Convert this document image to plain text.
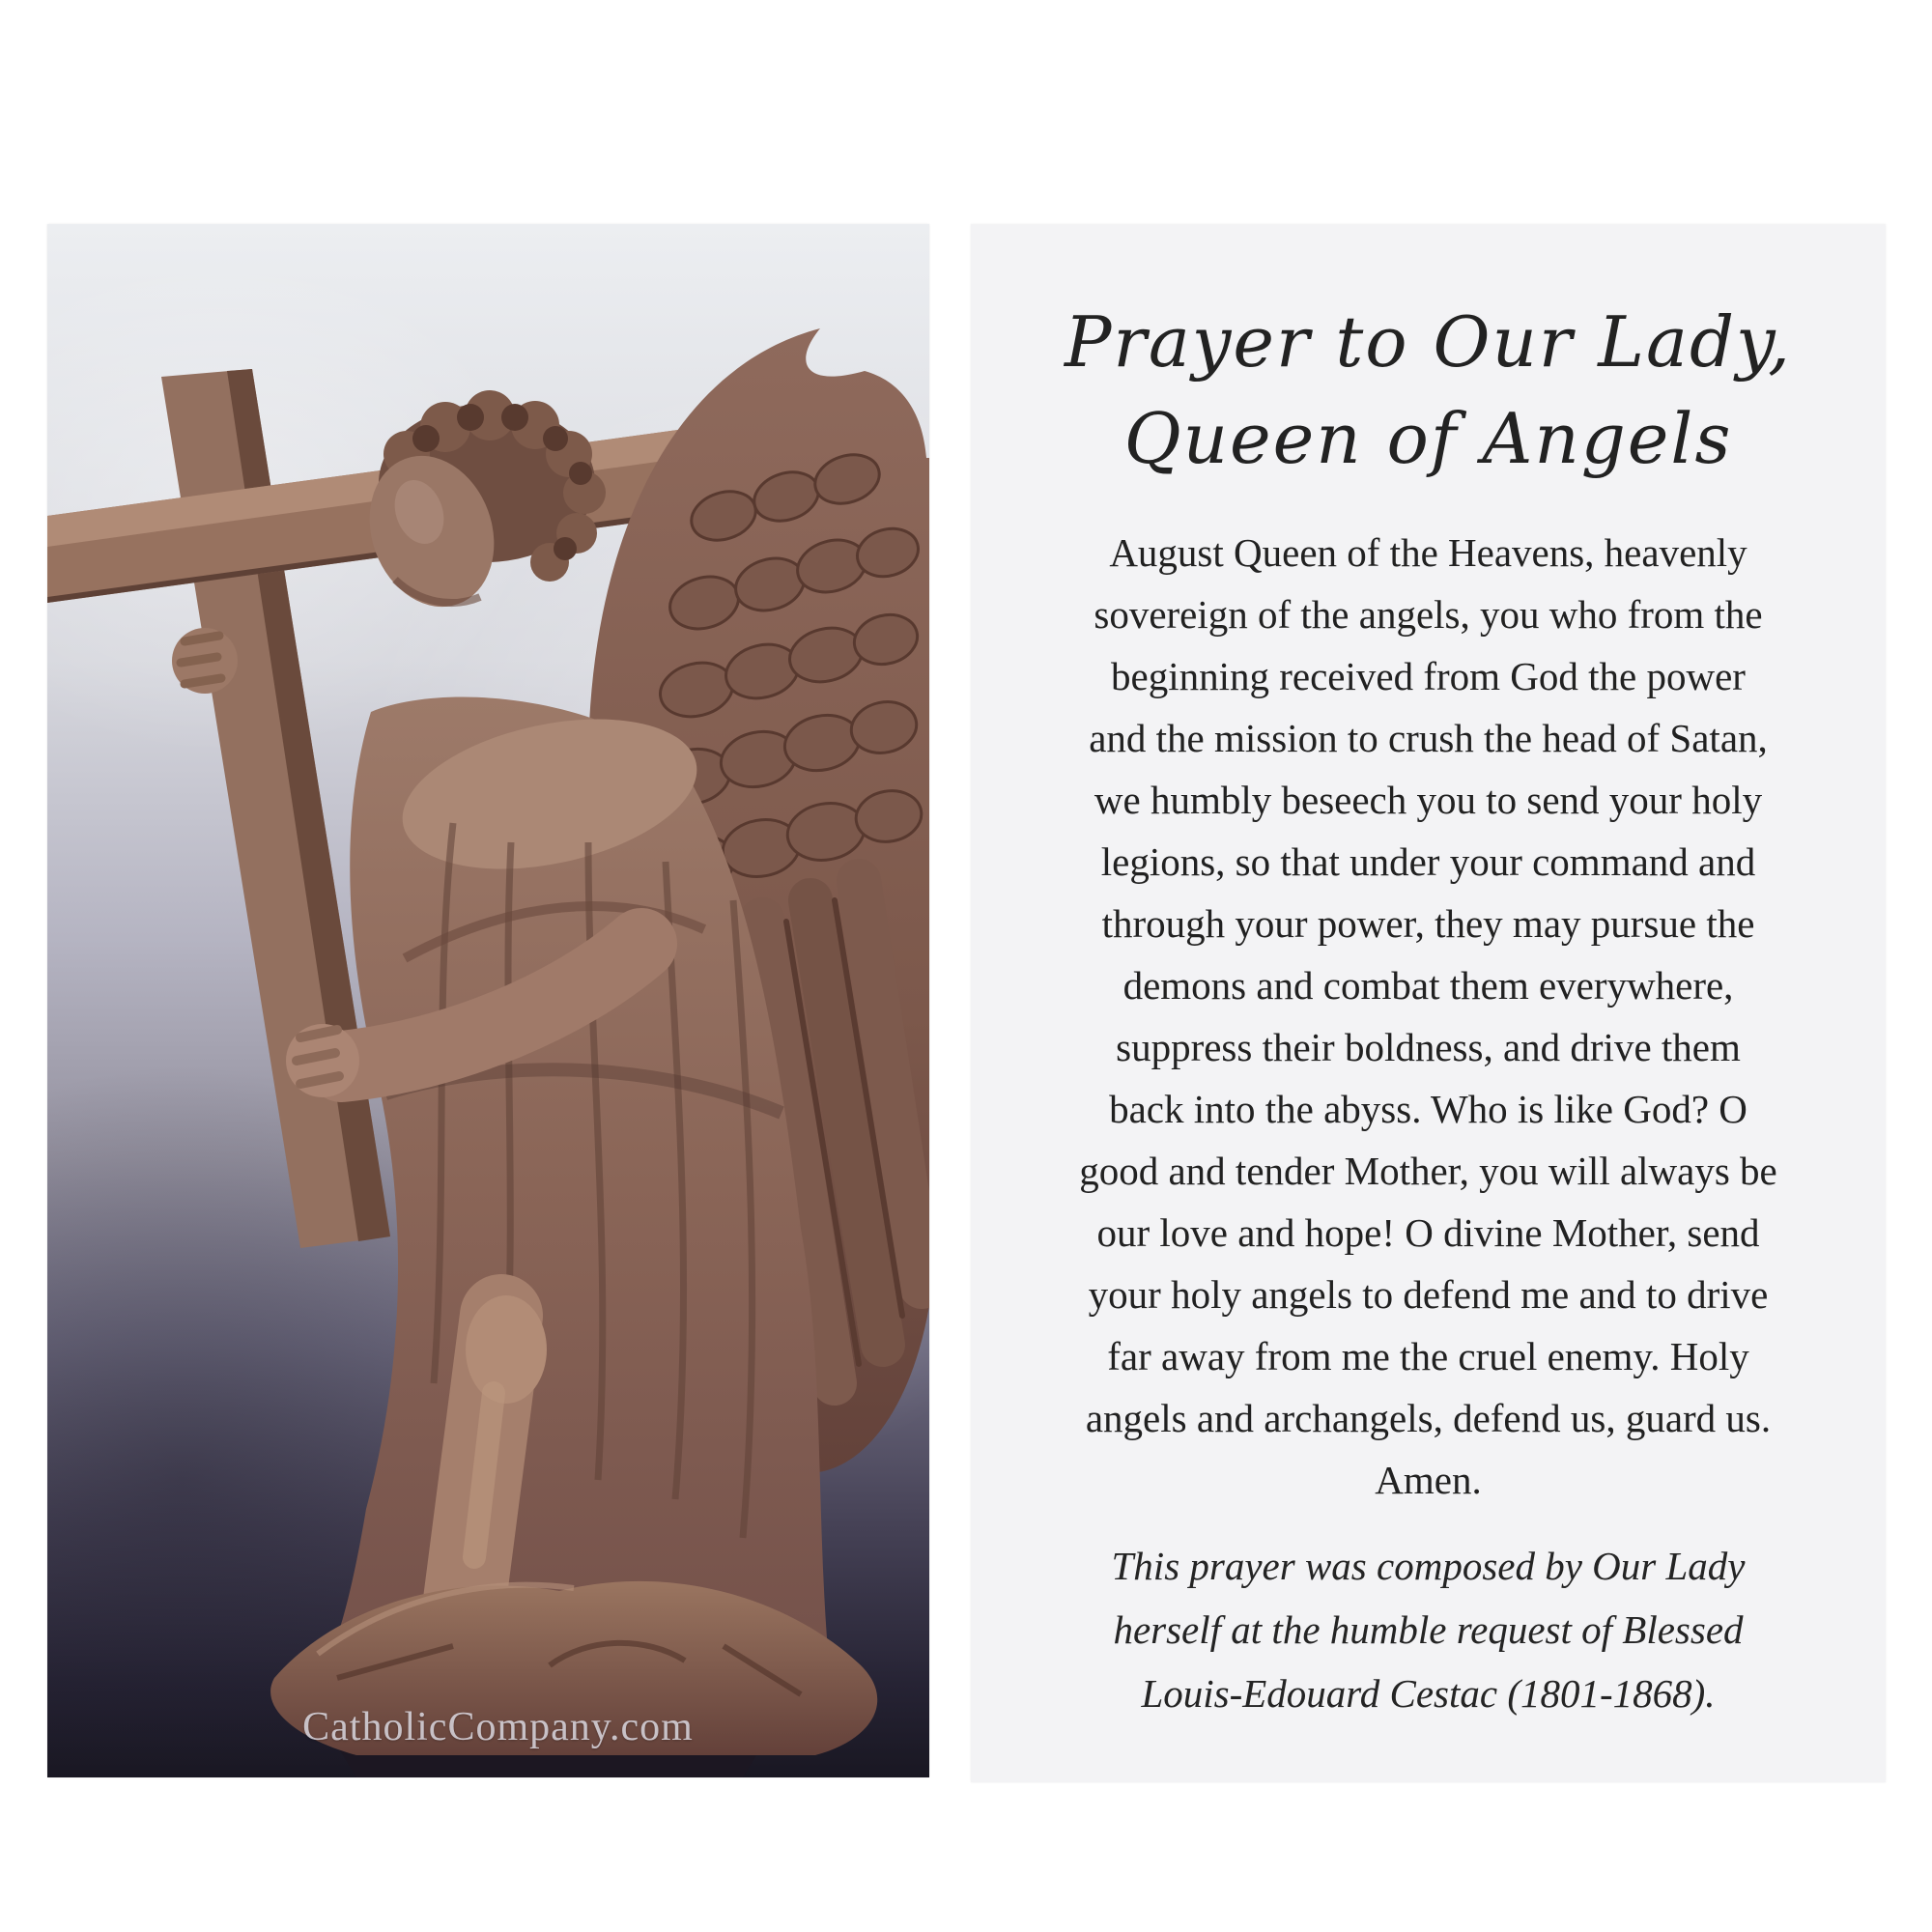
CatholicCompany.com
Prayer to Our Lady,
Queen of Angels
August Queen of the Heavens, heavenly
sovereign of the angels, you who from the
beginning received from God the power
and the mission to crush the head of Satan,
we humbly beseech you to send your holy
legions, so that under your command and
through your power, they may pursue the
demons and combat them everywhere,
suppress their boldness, and drive them
back into the abyss. Who is like God? O
good and tender Mother, you will always be
our love and hope! O divine Mother, send
your holy angels to defend me and to drive
far away from me the cruel enemy. Holy
angels and archangels, defend us, guard us.
Amen.
This prayer was composed by Our Lady
herself at the humble request of Blessed
Louis-Edouard Cestac (1801-1868).
